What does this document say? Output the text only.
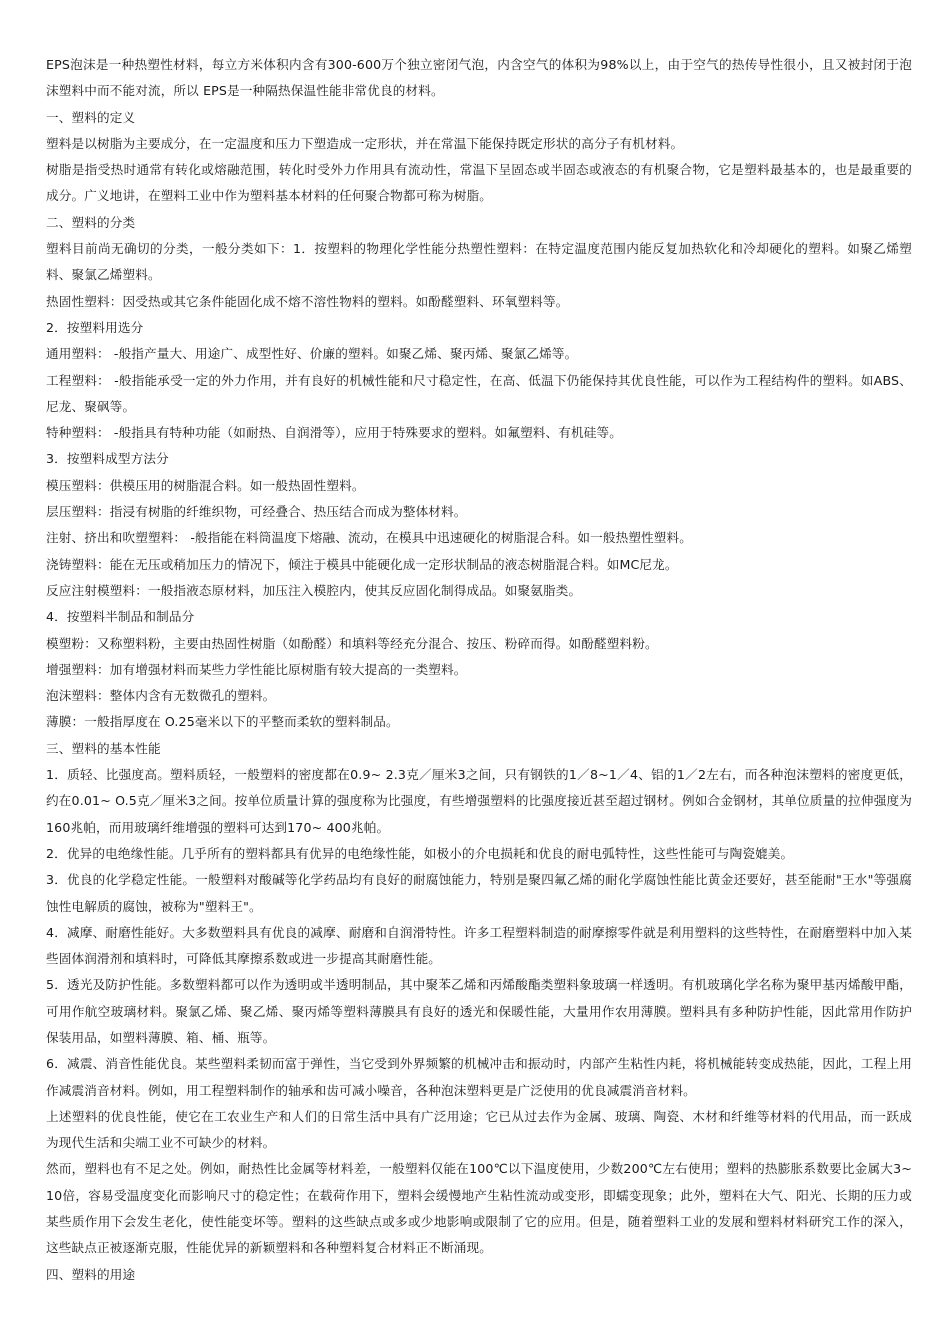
EPS泡沫是一种热塑性材料，每立方米体积内含有300-600万个独立密闭气泡，内含空气的体积为98%以上，由于空气的热传导性很小，且又被封闭于泡沫塑料中而不能对流，所以 EPS是一种隔热保温性能非常优良的材料。

一、塑料的定义

塑料是以树脂为主要成分，在一定温度和压力下塑造成一定形状，并在常温下能保持既定形状的高分子有机材料。

树脂是指受热时通常有转化或熔融范围，转化时受外力作用具有流动性，常温下呈固态或半固态或液态的有机聚合物，它是塑料最基本的，也是最重要的成分。广义地讲，在塑料工业中作为塑料基本材料的任何聚合物都可称为树脂。

二、塑料的分类

塑料目前尚无确切的分类，一般分类如下：1．按塑料的物理化学性能分热塑性塑料：在特定温度范围内能反复加热软化和冷却硬化的塑料。如聚乙烯塑料、聚氯乙烯塑料。

热固性塑料：因受热或其它条件能固化成不熔不溶性物料的塑料。如酚醛塑料、环氧塑料等。

2．按塑料用选分

通用塑料： -般指产量大、用途广、成型性好、价廉的塑料。如聚乙烯、聚丙烯、聚氯乙烯等。

工程塑料： -般指能承受一定的外力作用，并有良好的机械性能和尺寸稳定性，在高、低温下仍能保持其优良性能，可以作为工程结构件的塑料。如ABS、尼龙、聚砜等。

特种塑料： -般指具有特种功能（如耐热、自润滑等），应用于特殊要求的塑料。如氟塑料、有机硅等。

3．按塑料成型方法分

模压塑料：供模压用的树脂混合料。如一般热固性塑料。

层压塑料：指浸有树脂的纤维织物，可经叠合、热压结合而成为整体材料。

注射、挤出和吹塑塑料： -般指能在料筒温度下熔融、流动，在模具中迅速硬化的树脂混合科。如一般热塑性塑料。

浇铸塑料：能在无压或稍加压力的情况下，倾注于模具中能硬化成一定形状制品的液态树脂混合料。如MC尼龙。

反应注射模塑料：一般指液态原材料，加压注入模腔内，使其反应固化制得成品。如聚氨脂类。

4．按塑料半制品和制品分

模塑粉：又称塑料粉，主要由热固性树脂（如酚醛）和填料等经充分混合、按压、粉碎而得。如酚醛塑料粉。

增强塑料：加有增强材料而某些力学性能比原树脂有较大提高的一类塑料。

泡沫塑料：整体内含有无数微孔的塑料。

薄膜：一般指厚度在 O.25毫米以下的平整而柔软的塑料制品。

三、塑料的基本性能

1．质轻、比强度高。塑料质轻，一般塑料的密度都在0.9~ 2.3克／厘米3之间，只有钢铁的1／8~1／4、铝的1／2左右，而各种泡沫塑料的密度更低，约在0.01~ O.5克／厘米3之间。按单位质量计算的强度称为比强度，有些增强塑料的比强度接近甚至超过钢材。例如合金钢材，其单位质量的拉伸强度为160兆帕，而用玻璃纤维增强的塑料可达到170~ 400兆帕。

2．优异的电绝缘性能。几乎所有的塑料都具有优异的电绝缘性能，如极小的介电损耗和优良的耐电弧特性，这些性能可与陶瓷媲美。

3．优良的化学稳定性能。一般塑料对酸碱等化学药品均有良好的耐腐蚀能力，特别是聚四氟乙烯的耐化学腐蚀性能比黄金还要好，甚至能耐"王水"等强腐蚀性电解质的腐蚀，被称为"塑料王"。

4．减摩、耐磨性能好。大多数塑料具有优良的减摩、耐磨和自润滑特性。许多工程塑料制造的耐摩擦零件就是利用塑料的这些特性，在耐磨塑料中加入某些固体润滑剂和填料时，可降低其摩擦系数或进一步提高其耐磨性能。

5．透光及防护性能。多数塑料都可以作为透明或半透明制品，其中聚苯乙烯和丙烯酸酯类塑料象玻璃一样透明。有机玻璃化学名称为聚甲基丙烯酸甲酯，可用作航空玻璃材料。聚氯乙烯、聚乙烯、聚丙烯等塑料薄膜具有良好的透光和保暖性能，大量用作农用薄膜。塑料具有多种防护性能，因此常用作防护保装用品，如塑料薄膜、箱、桶、瓶等。

6．减震、消音性能优良。某些塑料柔韧而富于弹性，当它受到外界频繁的机械冲击和振动时，内部产生粘性内耗，将机械能转变成热能，因此，工程上用作减震消音材料。例如，用工程塑料制作的轴承和齿可减小噪音，各种泡沫塑料更是广泛使用的优良减震消音材料。

上述塑料的优良性能，使它在工农业生产和人们的日常生活中具有广泛用途；它已从过去作为金属、玻璃、陶瓷、木材和纤维等材料的代用品，而一跃成为现代生活和尖端工业不可缺少的材料。

然而，塑料也有不足之处。例如，耐热性比金属等材料差，一般塑料仅能在100℃以下温度使用，少数200℃左右使用；塑料的热膨胀系数要比金属大3~ 10倍，容易受温度变化而影响尺寸的稳定性；在载荷作用下，塑料会缓慢地产生粘性流动或变形，即蠕变现象；此外，塑料在大气、阳光、长期的压力或某些质作用下会发生老化，使性能变坏等。塑料的这些缺点或多或少地影响或限制了它的应用。但是，随着塑料工业的发展和塑料材料研究工作的深入，这些缺点正被逐渐克服，性能优异的新颖塑料和各种塑料复合材料正不断涌现。

四、塑料的用途
